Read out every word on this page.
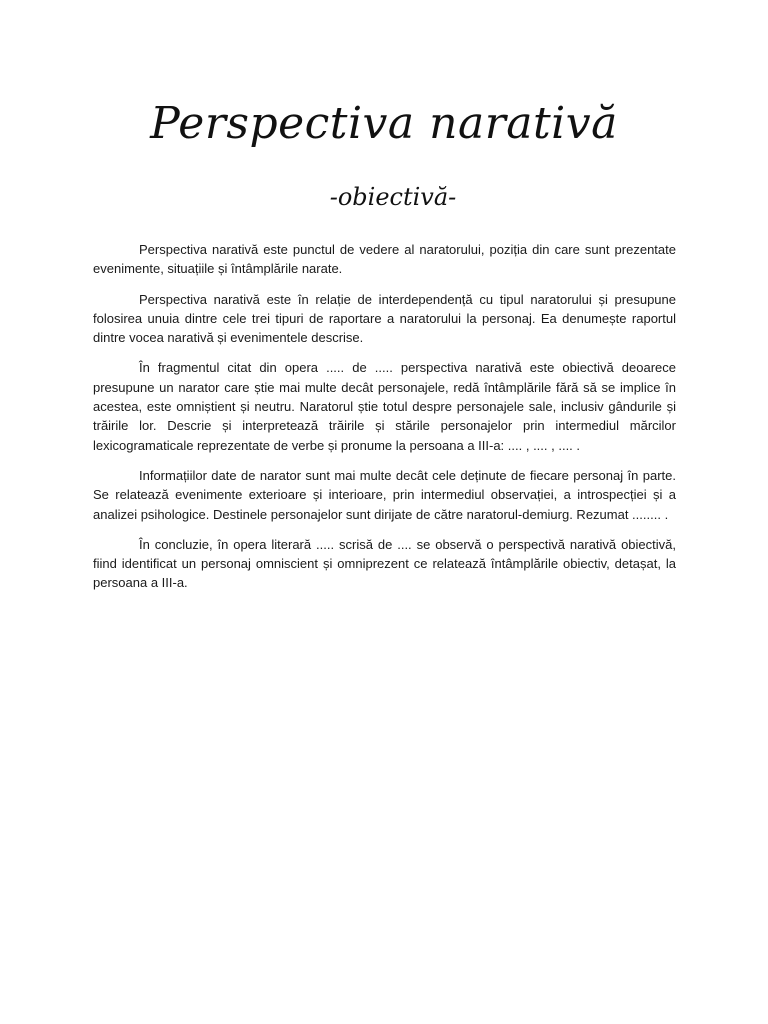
Perspectiva narativă
-obiectivă-

Perspectiva narativă este punctul de vedere al naratorului, poziția din care sunt prezentate evenimente, situațiile și întâmplările narate.

Perspectiva narativă este în relație de interdependență cu tipul naratorului și presupune folosirea unuia dintre cele trei tipuri de raportare a naratorului la personaj. Ea denumește raportul dintre vocea narativă și evenimentele descrise.

În fragmentul citat din opera ..... de ..... perspectiva narativă este obiectivă deoarece presupune un narator care știe mai multe decât personajele, redă întâmplările fără să se implice în acestea, este omniștient și neutru. Naratorul știe totul despre personajele sale, inclusiv gândurile și trăirile lor. Descrie și interpretează trăirile și stările personajelor prin intermediul mărcilor lexicogramaticale reprezentate de verbe și pronume la persoana a III-a: .... , .... , .... .

Informațiilor date de narator sunt mai multe decât cele deținute de fiecare personaj în parte. Se relatează evenimente exterioare și interioare, prin intermediul observației, a introspecției și a analizei psihologice. Destinele personajelor sunt dirijate de către naratorul-demiurg. Rezumat ........ .

În concluzie, în opera literară ..... scrisă de .... se observă o perspectivă narativă obiectivă, fiind identificat un personaj omniscient și omniprezent ce relatează întâmplările obiectiv, detașat, la persoana a III-a.
